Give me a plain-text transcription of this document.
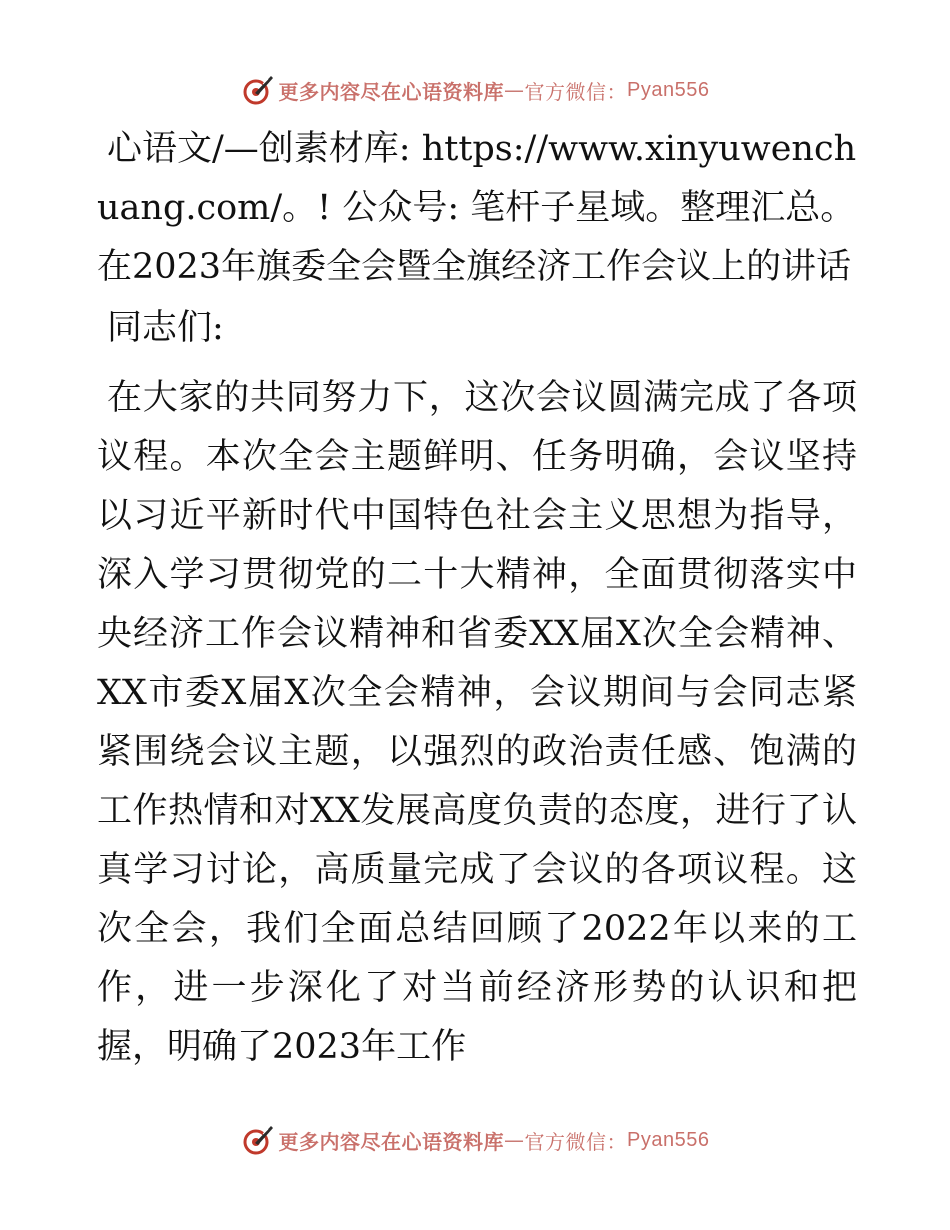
更多内容尽在心语资料库 — 官方微信： Pyan556

心语文/—创素材库: https://www.xinyuwenchuang.com/。! 公众号: 笔杆子星域。整理汇总。在2023年旗委全会暨全旗经济工作会议上的讲话

同志们:

在大家的共同努力下，这次会议圆满完成了各项议程。本次全会主题鲜明、任务明确，会议坚持以习近平新时代中国特色社会主义思想为指导，深入学习贯彻党的二十大精神，全面贯彻落实中央经济工作会议精神和省委XX届X次全会精神、XX市委X届X次全会精神，会议期间与会同志紧紧围绕会议主题，以强烈的政治责任感、饱满的工作热情和对XX发展高度负责的态度，进行了认真学习讨论，高质量完成了会议的各项议程。这次全会，我们全面总结回顾了2022年以来的工作，进一步深化了对当前经济形势的认识和把握，明确了2023年工作

更多内容尽在心语资料库 — 官方微信： Pyan556
